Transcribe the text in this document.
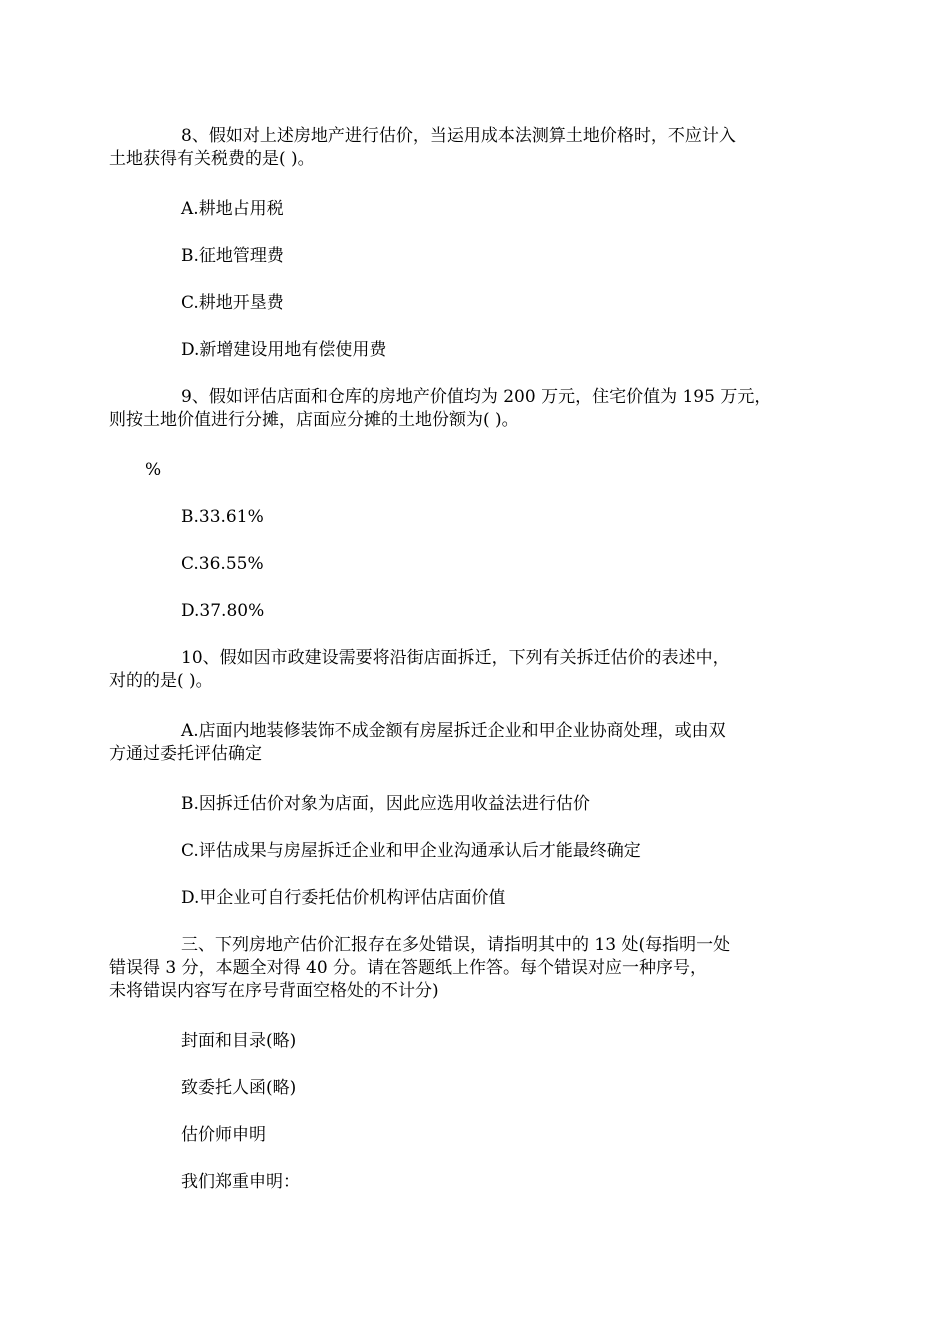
8、假如对上述房地产进行估价，当运用成本法测算土地价格时，不应计入
土地获得有关税费的是( )。

A.耕地占用税

B.征地管理费

C.耕地开垦费

D.新增建设用地有偿使用费

9、假如评估店面和仓库的房地产价值均为 200 万元，住宅价值为 195 万元，
则按土地价值进行分摊，店面应分摊的土地份额为( )。

%

B.33.61%

C.36.55%

D.37.80%

10、假如因市政建设需要将沿街店面拆迁，下列有关拆迁估价的表述中，
对的的是( )。

A.店面内地装修装饰不成金额有房屋拆迁企业和甲企业协商处理，或由双
方通过委托评估确定

B.因拆迁估价对象为店面，因此应选用收益法进行估价

C.评估成果与房屋拆迁企业和甲企业沟通承认后才能最终确定

D.甲企业可自行委托估价机构评估店面价值

三、下列房地产估价汇报存在多处错误，请指明其中的 13 处(每指明一处
错误得 3 分，本题全对得 40 分。请在答题纸上作答。每个错误对应一种序号，
未将错误内容写在序号背面空格处的不计分)

封面和目录(略)

致委托人函(略)

估价师申明

我们郑重申明：
